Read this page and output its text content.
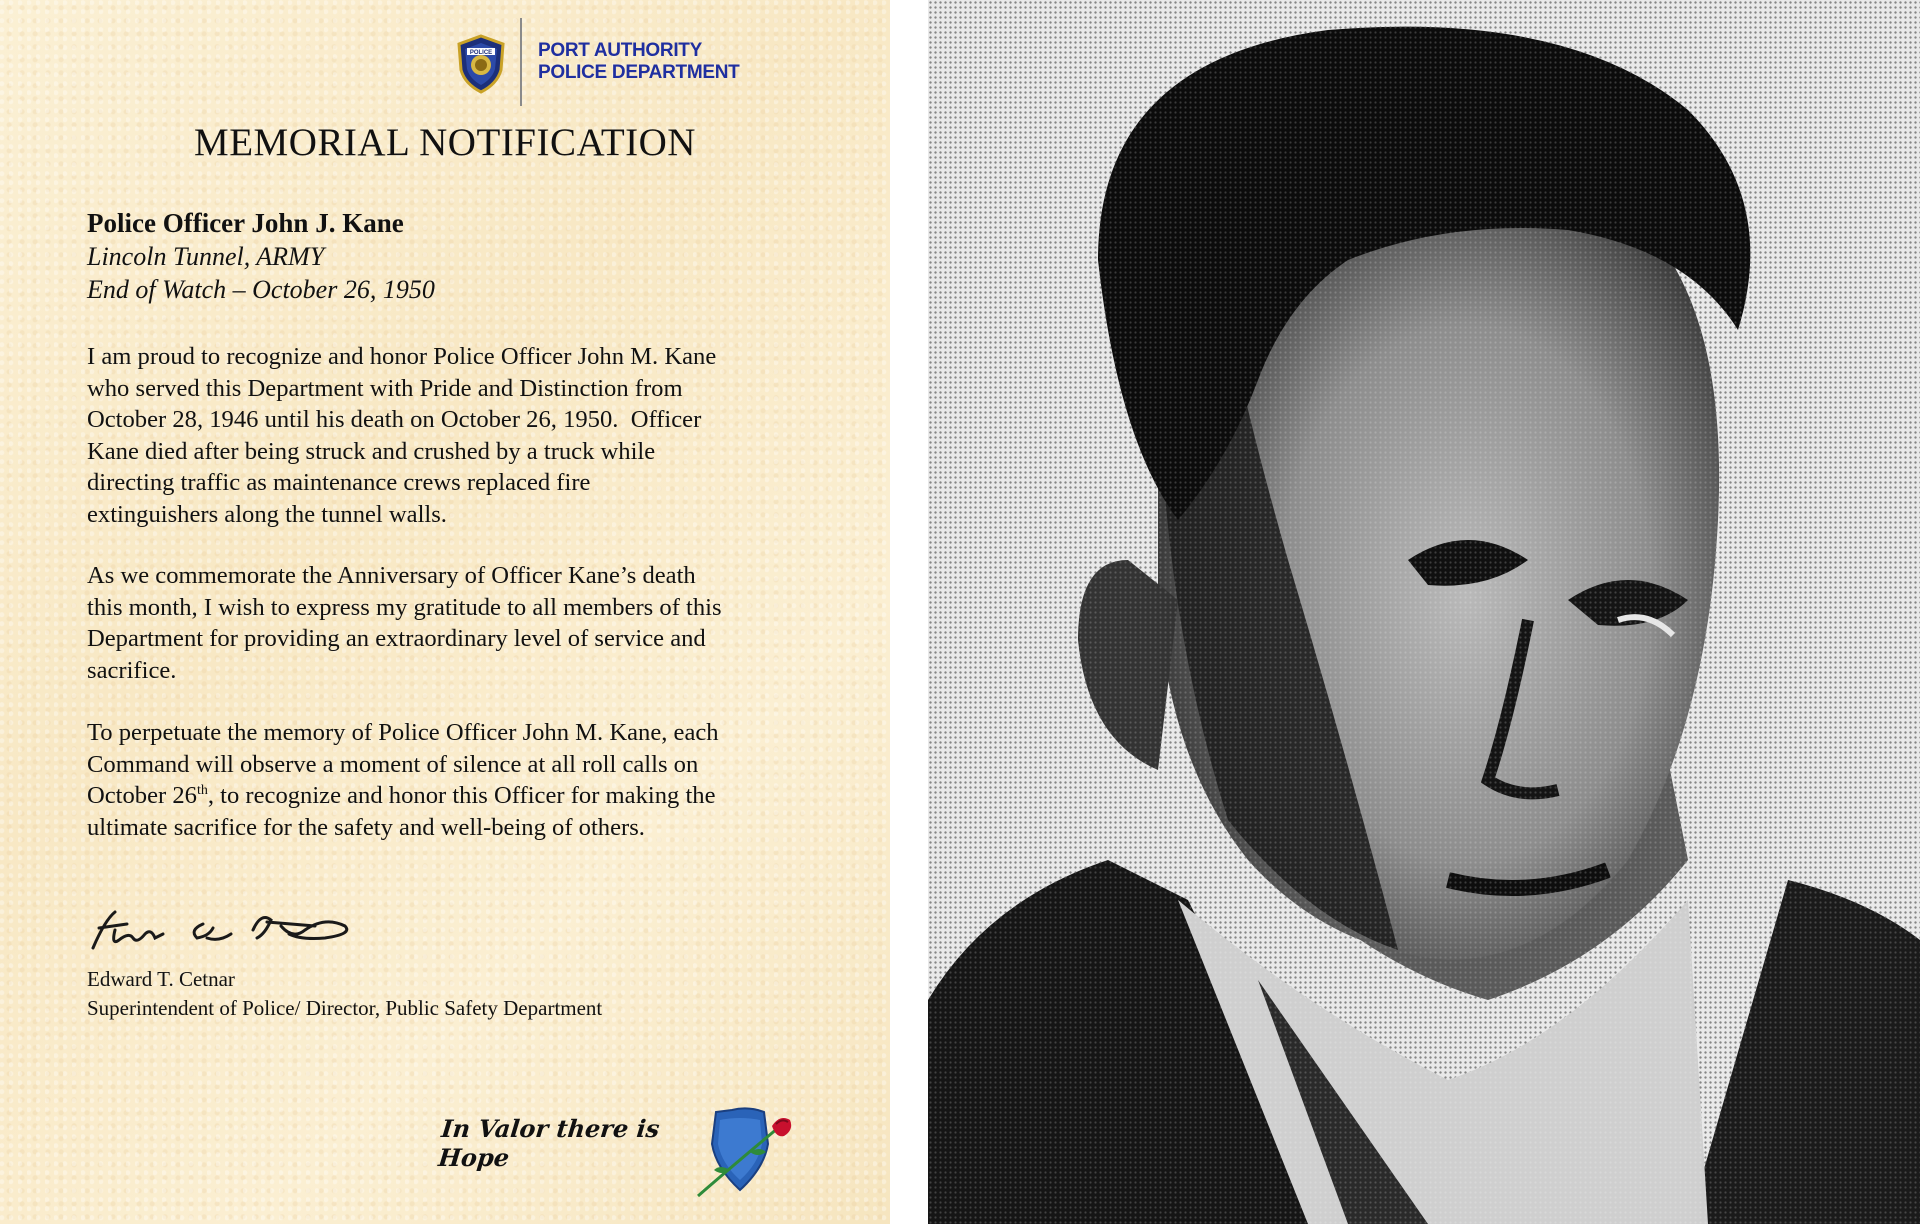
POLICE PORT AUTHORITY
POLICE DEPARTMENT
MEMORIAL NOTIFICATION
Police Officer John J. Kane
Lincoln Tunnel, ARMY
End of Watch – October 26, 1950
I am proud to recognize and honor Police Officer John M. Kane
who served this Department with Pride and Distinction from
October 28, 1946 until his death on October 26, 1950.  Officer
Kane died after being struck and crushed by a truck while
directing traffic as maintenance crews replaced fire
extinguishers along the tunnel walls.
As we commemorate the Anniversary of Officer Kane’s death
this month, I wish to express my gratitude to all members of this
Department for providing an extraordinary level of service and
sacrifice.
To perpetuate the memory of Police Officer John M. Kane, each
Command will observe a moment of silence at all roll calls on
October 26th, to recognize and honor this Officer for making the
ultimate sacrifice for the safety and well-being of others.
Edward T. Cetnar
Superintendent of Police/ Director, Public Safety Department
In Valor there is Hope
